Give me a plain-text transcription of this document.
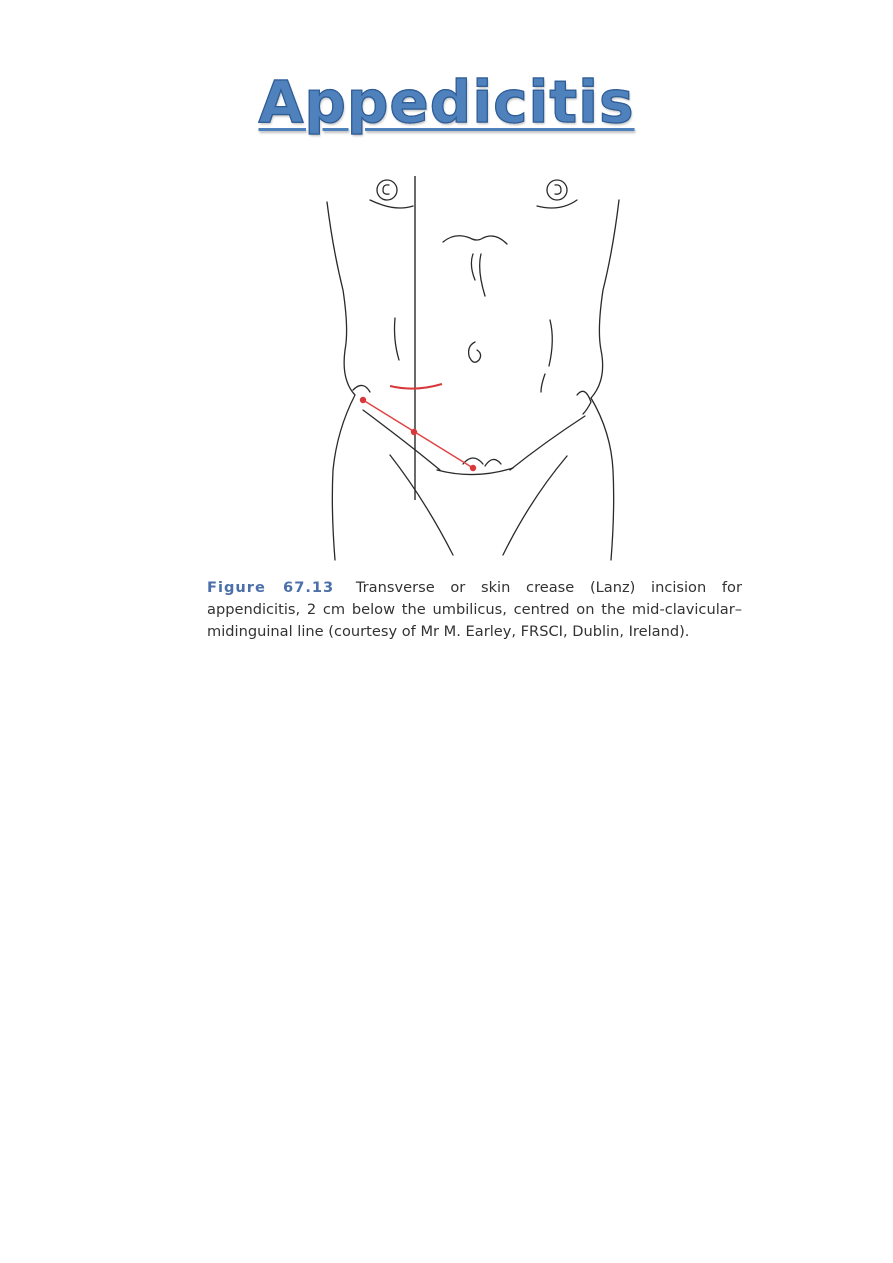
Appedicitis
Figure 67.13 Transverse or skin crease (Lanz) incision for appendicitis, 2 cm below the umbilicus, centred on the mid-clavicular–midinguinal line (courtesy of Mr M. Earley, FRSCI, Dublin, Ireland).
